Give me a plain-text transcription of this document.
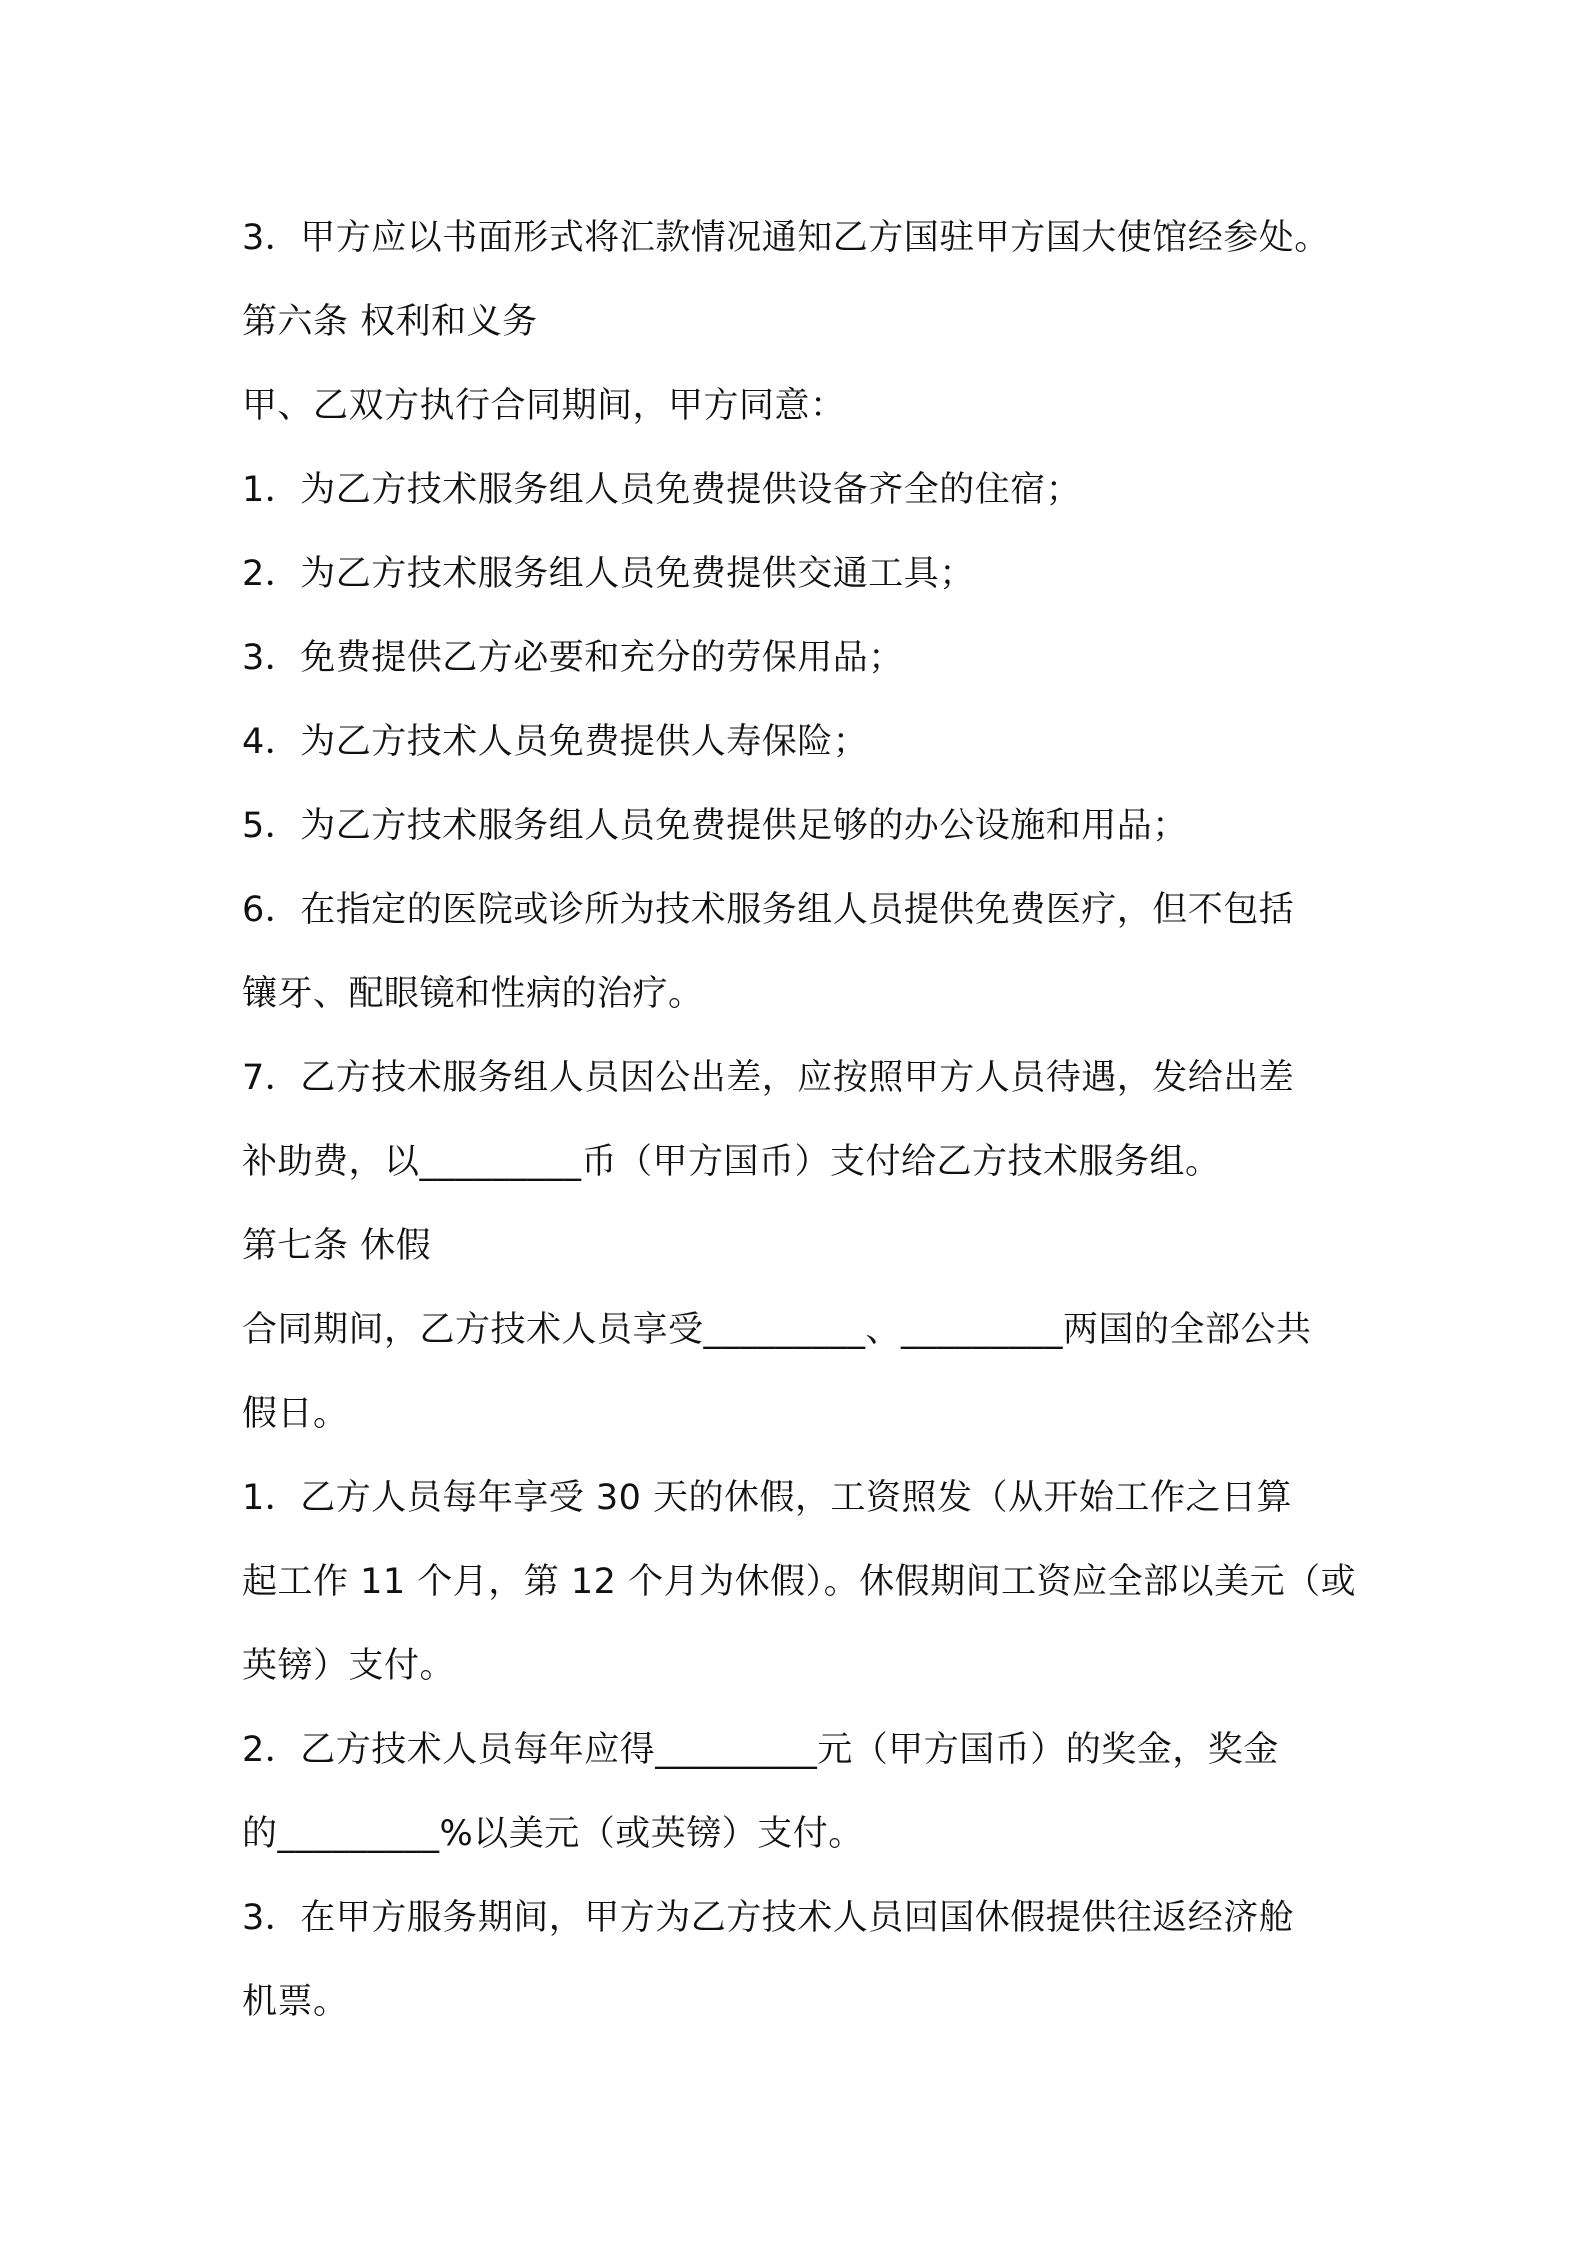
3．甲方应以书面形式将汇款情况通知乙方国驻甲方国大使馆经参处。
第六条 权利和义务
甲、乙双方执行合同期间，甲方同意：
1．为乙方技术服务组人员免费提供设备齐全的住宿；
2．为乙方技术服务组人员免费提供交通工具；
3．免费提供乙方必要和充分的劳保用品；
4．为乙方技术人员免费提供人寿保险；
5．为乙方技术服务组人员免费提供足够的办公设施和用品；
6．在指定的医院或诊所为技术服务组人员提供免费医疗，但不包括
镶牙、配眼镜和性病的治疗。
7．乙方技术服务组人员因公出差，应按照甲方人员待遇，发给出差
补助费，以_________币（甲方国币）支付给乙方技术服务组。
第七条 休假
合同期间，乙方技术人员享受_________、_________两国的全部公共
假日。
1．乙方人员每年享受 30 天的休假，工资照发（从开始工作之日算
起工作 11 个月，第 12 个月为休假）。休假期间工资应全部以美元（或
英镑）支付。
2．乙方技术人员每年应得_________元（甲方国币）的奖金，奖金
的_________%以美元（或英镑）支付。
3．在甲方服务期间，甲方为乙方技术人员回国休假提供往返经济舱
机票。
